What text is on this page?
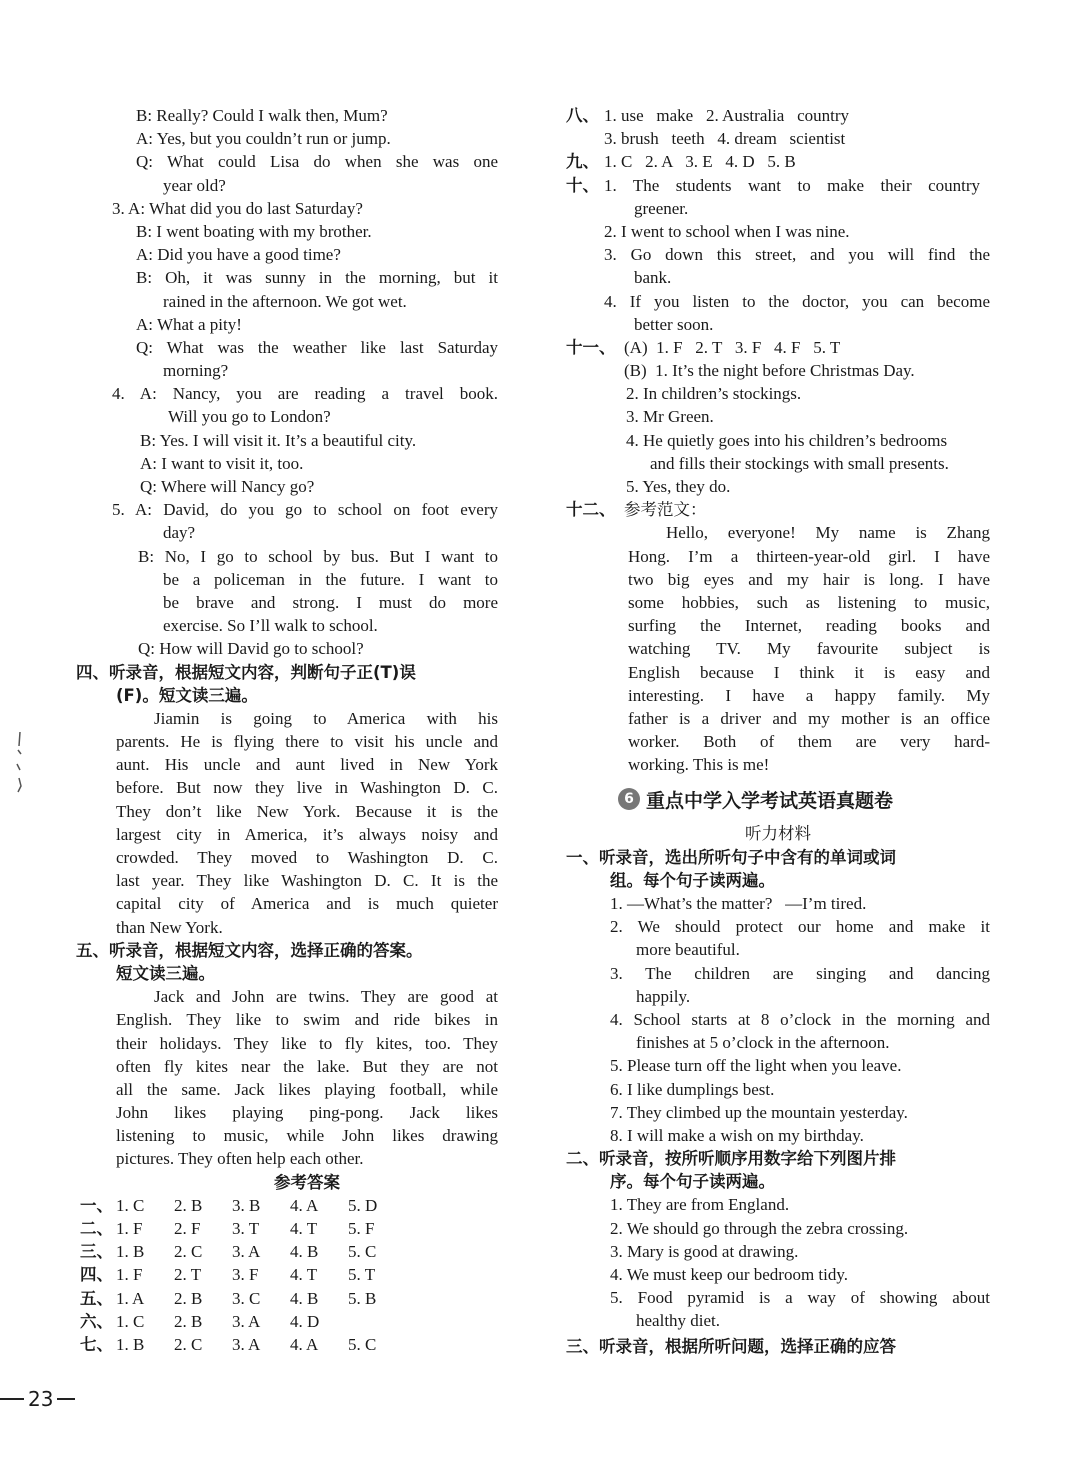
B: Really? Could I walk then, Mum?
A: Yes, but you couldn’t run or jump.
Q: What could Lisa do when she was one
year old?
3. A: What did you do last Saturday?
B: I went boating with my brother.
A: Did you have a good time?
B: Oh, it was sunny in the morning, but it
rained in the afternoon. We got wet.
A: What a pity!
Q: What was the weather like last Saturday
morning?
4. A: Nancy, you are reading a travel book.
Will you go to London?
B: Yes. I will visit it. It’s a beautiful city.
A: I want to visit it, too.
Q: Where will Nancy go?
5. A: David, do you go to school on foot every
day?
B: No, I go to school by bus. But I want to
be a policeman in the future. I want to
be brave and strong. I must do more
exercise. So I’ll walk to school.
Q: How will David go to school?
四、听录音，根据短文内容，判断句子正(T)误
(F)。短文读三遍。
Jiamin is going to America with his
parents. He is flying there to visit his uncle and
aunt. His uncle and aunt lived in New York
before. But now they live in Washington D. C.
They don’t like New York. Because it is the
largest city in America, it’s always noisy and
crowded. They moved to Washington D. C.
last year. They like Washington D. C. It is the
capital city of America and is much quieter
than New York.
五、听录音，根据短文内容，选择正确的答案。
短文读三遍。
Jack and John are twins. They are good at
English. They like to swim and ride bikes in
their holidays. They like to fly kites, too. They
often fly kites near the lake. But they are not
all the same. Jack likes playing football, while
John likes playing ping-pong. Jack likes
listening to music, while John likes drawing
pictures. They often help each other.
参考答案
一、 1. C	2. B	3. B	4. A	5. D
二、 1. F	2. F	3. T	4. T	5. F
三、 1. B	2. C	3. A	4. B	5. C
四、 1. F	2. T	3. F	4. T	5. T
五、 1. A	2. B	3. C	4. B	5. B
六、 1. C	2. B	3. A	4. D
七、 1. B	2. C	3. A	4. A	5. C
八、 1. use   make   2. Australia   country
3. brush   teeth   4. dream   scientist
九、 1. C   2. A   3. E   4. D   5. B
十、 1. The students want to make their country
greener.
2. I went to school when I was nine.
3. Go down this street, and you will find the
bank.
4. If you listen to the doctor, you can become
better soon.
十一、 (A)  1. F   2. T   3. F   4. F   5. T
(B)  1. It’s the night before Christmas Day.
2. In children’s stockings.
3. Mr Green.
4. He quietly goes into his children’s bedrooms
and fills their stockings with small presents.
5. Yes, they do.
十二、 参考范文：
Hello, everyone! My name is Zhang
Hong. I’m a thirteen-year-old girl. I have
two big eyes and my hair is long. I have
some hobbies, such as listening to music,
surfing the Internet, reading books and
watching TV. My favourite subject is
English because I think it is easy and
interesting. I have a happy family. My
father is a driver and my mother is an office
worker. Both of them are very hard-
working. This is me!
6 重点中学入学考试英语真题卷
听力材料
一、听录音，选出所听句子中含有的单词或词
组。每个句子读两遍。
1. —What’s the matter?   —I’m tired.
2. We should protect our home and make it
more beautiful.
3. The children are singing and dancing
happily.
4. School starts at 8 o’clock in the morning and
finishes at 5 o’clock in the afternoon.
5. Please turn off the light when you leave.
6. I like dumplings best.
7. They climbed up the mountain yesterday.
8. I will make a wish on my birthday.
二、听录音，按所听顺序用数字给下列图片排
序。每个句子读两遍。
1. They are from England.
2. We should go through the zebra crossing.
3. Mary is good at drawing.
4. We must keep our bedroom tidy.
5. Food pyramid is a way of showing about
healthy diet.
三、听录音，根据所听问题，选择正确的应答
23
